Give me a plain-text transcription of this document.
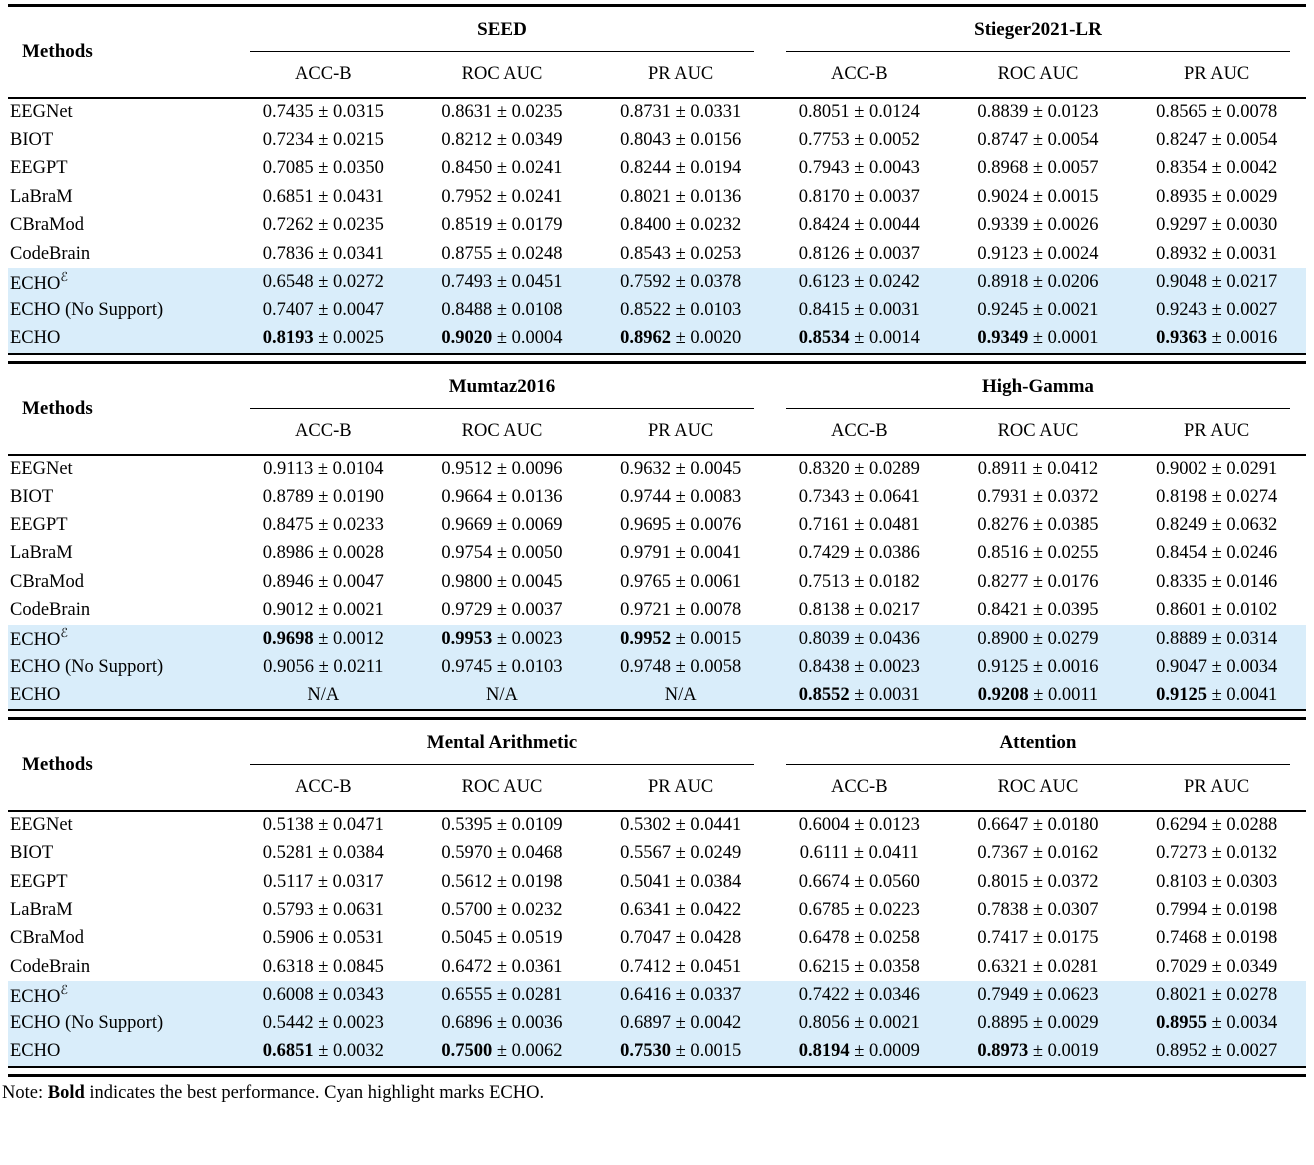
Methods	SEED			Stieger2021-LR		

	ACC-B	ROC AUC	PR AUC	ACC-B	ROC AUC	PR AUC
EEGNet	0.7435 ± 0.0315	0.8631 ± 0.0235	0.8731 ± 0.0331	0.8051 ± 0.0124	0.8839 ± 0.0123	0.8565 ± 0.0078
BIOT	0.7234 ± 0.0215	0.8212 ± 0.0349	0.8043 ± 0.0156	0.7753 ± 0.0052	0.8747 ± 0.0054	0.8247 ± 0.0054
EEGPT	0.7085 ± 0.0350	0.8450 ± 0.0241	0.8244 ± 0.0194	0.7943 ± 0.0043	0.8968 ± 0.0057	0.8354 ± 0.0042
LaBraM	0.6851 ± 0.0431	0.7952 ± 0.0241	0.8021 ± 0.0136	0.8170 ± 0.0037	0.9024 ± 0.0015	0.8935 ± 0.0029
CBraMod	0.7262 ± 0.0235	0.8519 ± 0.0179	0.8400 ± 0.0232	0.8424 ± 0.0044	0.9339 ± 0.0026	0.9297 ± 0.0030
CodeBrain	0.7836 ± 0.0341	0.8755 ± 0.0248	0.8543 ± 0.0253	0.8126 ± 0.0037	0.9123 ± 0.0024	0.8932 ± 0.0031
$ECHO^ℰ$	0.6548 ± 0.0272	0.7493 ± 0.0451	0.7592 ± 0.0378	0.6123 ± 0.0242	0.8918 ± 0.0206	0.9048 ± 0.0217
ECHO (No Support)	0.7407 ± 0.0047	0.8488 ± 0.0108	0.8522 ± 0.0103	0.8415 ± 0.0031	0.9245 ± 0.0021	0.9243 ± 0.0027
ECHO	0.8193 ± 0.0025	0.9020 ± 0.0004	0.8962 ± 0.0020	0.8534 ± 0.0014	0.9349 ± 0.0001	0.9363 ± 0.0016
Methods	Mumtaz2016			High-Gamma		

	ACC-B	ROC AUC	PR AUC	ACC-B	ROC AUC	PR AUC
EEGNet	0.9113 ± 0.0104	0.9512 ± 0.0096	0.9632 ± 0.0045	0.8320 ± 0.0289	0.8911 ± 0.0412	0.9002 ± 0.0291
BIOT	0.8789 ± 0.0190	0.9664 ± 0.0136	0.9744 ± 0.0083	0.7343 ± 0.0641	0.7931 ± 0.0372	0.8198 ± 0.0274
EEGPT	0.8475 ± 0.0233	0.9669 ± 0.0069	0.9695 ± 0.0076	0.7161 ± 0.0481	0.8276 ± 0.0385	0.8249 ± 0.0632
LaBraM	0.8986 ± 0.0028	0.9754 ± 0.0050	0.9791 ± 0.0041	0.7429 ± 0.0386	0.8516 ± 0.0255	0.8454 ± 0.0246
CBraMod	0.8946 ± 0.0047	0.9800 ± 0.0045	0.9765 ± 0.0061	0.7513 ± 0.0182	0.8277 ± 0.0176	0.8335 ± 0.0146
CodeBrain	0.9012 ± 0.0021	0.9729 ± 0.0037	0.9721 ± 0.0078	0.8138 ± 0.0217	0.8421 ± 0.0395	0.8601 ± 0.0102
$ECHO^ℰ$	0.9698 ± 0.0012	0.9953 ± 0.0023	0.9952 ± 0.0015	0.8039 ± 0.0436	0.8900 ± 0.0279	0.8889 ± 0.0314
ECHO (No Support)	0.9056 ± 0.0211	0.9745 ± 0.0103	0.9748 ± 0.0058	0.8438 ± 0.0023	0.9125 ± 0.0016	0.9047 ± 0.0034
ECHO	N/A	N/A	N/A	0.8552 ± 0.0031	0.9208 ± 0.0011	0.9125 ± 0.0041
Methods	Mental Arithmetic			Attention		

	ACC-B	ROC AUC	PR AUC	ACC-B	ROC AUC	PR AUC
EEGNet	0.5138 ± 0.0471	0.5395 ± 0.0109	0.5302 ± 0.0441	0.6004 ± 0.0123	0.6647 ± 0.0180	0.6294 ± 0.0288
BIOT	0.5281 ± 0.0384	0.5970 ± 0.0468	0.5567 ± 0.0249	0.6111 ± 0.0411	0.7367 ± 0.0162	0.7273 ± 0.0132
EEGPT	0.5117 ± 0.0317	0.5612 ± 0.0198	0.5041 ± 0.0384	0.6674 ± 0.0560	0.8015 ± 0.0372	0.8103 ± 0.0303
LaBraM	0.5793 ± 0.0631	0.5700 ± 0.0232	0.6341 ± 0.0422	0.6785 ± 0.0223	0.7838 ± 0.0307	0.7994 ± 0.0198
CBraMod	0.5906 ± 0.0531	0.5045 ± 0.0519	0.7047 ± 0.0428	0.6478 ± 0.0258	0.7417 ± 0.0175	0.7468 ± 0.0198
CodeBrain	0.6318 ± 0.0845	0.6472 ± 0.0361	0.7412 ± 0.0451	0.6215 ± 0.0358	0.6321 ± 0.0281	0.7029 ± 0.0349
$ECHO^ℰ$	0.6008 ± 0.0343	0.6555 ± 0.0281	0.6416 ± 0.0337	0.7422 ± 0.0346	0.7949 ± 0.0623	0.8021 ± 0.0278
ECHO (No Support)	0.5442 ± 0.0023	0.6896 ± 0.0036	0.6897 ± 0.0042	0.8056 ± 0.0021	0.8895 ± 0.0029	0.8955 ± 0.0034
ECHO	0.6851 ± 0.0032	0.7500 ± 0.0062	0.7530 ± 0.0015	0.8194 ± 0.0009	0.8973 ± 0.0019	0.8952 ± 0.0027
Note: Bold indicates the best performance. Cyan highlight marks ECHO.
